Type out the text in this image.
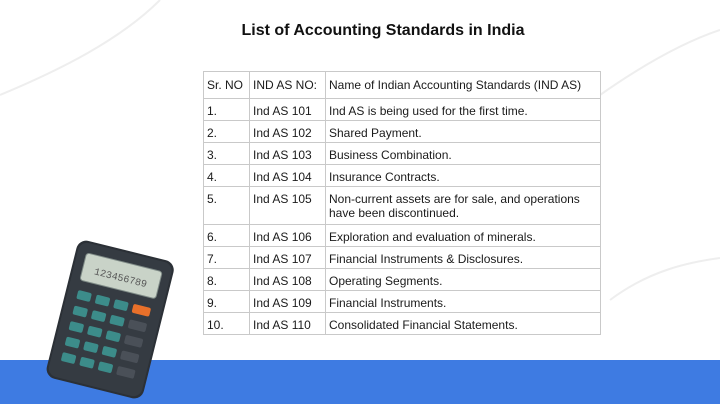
List of Accounting Standards in India
Sr. NO	IND AS NO:	Name of Indian Accounting Standards (IND AS)
1.	Ind AS 101	Ind AS is being used for the first time.
2.	Ind AS 102	Shared Payment.
3.	Ind AS 103	Business Combination.
4.	Ind AS 104	Insurance Contracts.
5.	Ind AS 105	Non-current assets are for sale, and operations have been discontinued.
6.	Ind AS 106	Exploration and evaluation of minerals.
7.	Ind AS 107	Financial Instruments & Disclosures.
8.	Ind AS 108	Operating Segments.
9.	Ind AS 109	Financial Instruments.
10.	Ind AS 110	Consolidated Financial Statements.
123456789
